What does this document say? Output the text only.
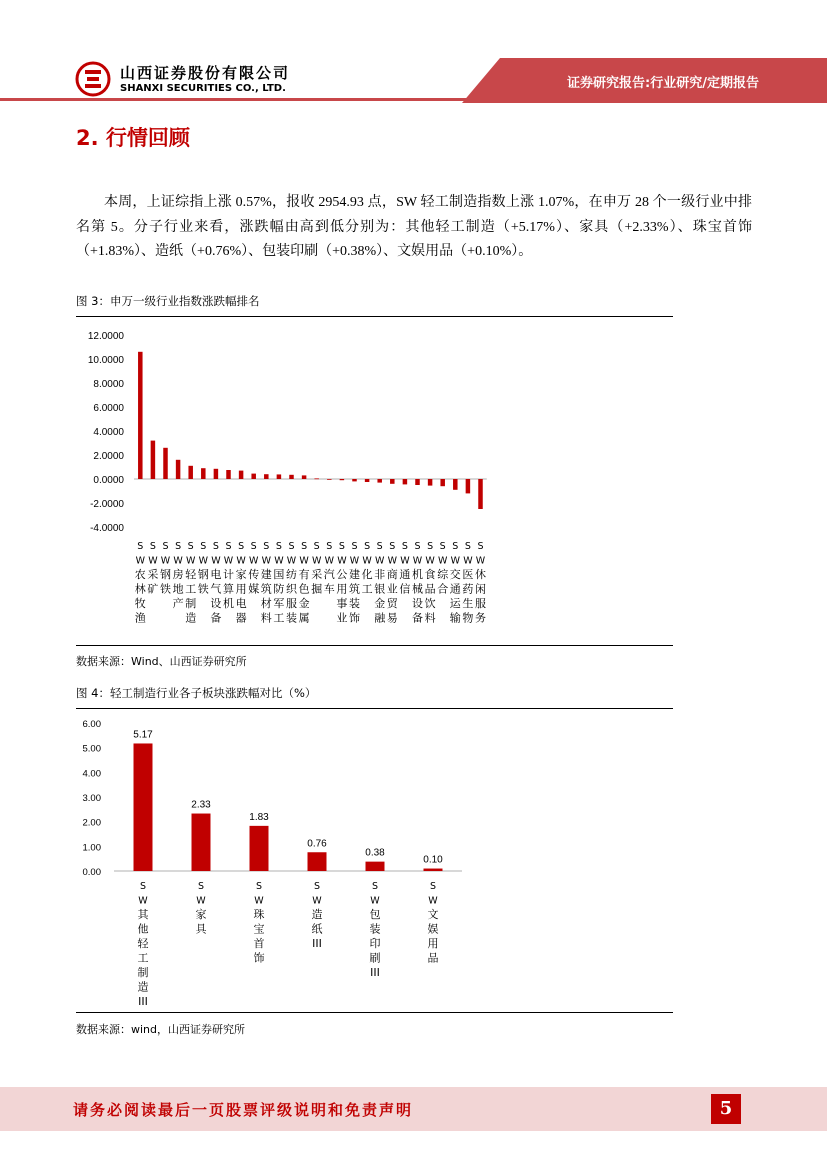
山西证券股份有限公司
SHANXI SECURITIES CO., LTD.	证券研究报告:行业研究/定期报告
2. 行情回顾
本周，上证综指上涨 0.57%，报收 2954.93 点，SW 轻工制造指数上涨 1.07%，在申万 28 个一级行业中排名第 5。分子行业来看，涨跌幅由高到低分别为：其他轻工制造（+5.17%）、家具（+2.33%）、珠宝首饰（+1.83%）、造纸（+0.76%）、包装印刷（+0.38%）、文娱用品（+0.10%）。
图 3：申万一级行业指数涨跌幅排名
12.0000
10.0000
8.0000
6.0000
4.0000
2.0000
0.0000
-2.0000
-4.0000
S
W
农
林
牧
渔
S
W
采
矿
S
W
钢
铁
S
W
房
地
产
S
W
轻
工
制
造
S
W
钢
铁
S
W
电
气
设
备
S
W
计
算
机
S
W
家
用
电
器
S
W
传
媒
S
W
建
筑
材
料
S
W
国
防
军
工
S
W
纺
织
服
装
S
W
有
色
金
属
S
W
采
掘
S
W
汽
车
S
W
公
用
事
业
S
W
建
筑
装
饰
S
W
化
工
S
W
非
银
金
融
S
W
商
业
贸
易
S
W
通
信
S
W
机
械
设
备
S
W
食
品
饮
料
S
W
综
合
S
W
交
通
运
输
S
W
医
药
生
物
S
W
休
闲
服
务
数据来源：Wind、山西证券研究所
图 4：轻工制造行业各子板块涨跌幅对比（%）
6.00
5.00
4.00
3.00
2.00
1.00
0.00
5.17
S
W
其
他
轻
工
制
造
III
2.33
S
W
家
具
1.83
S
W
珠
宝
首
饰
0.76
S
W
造
纸
III
0.38
S
W
包
装
印
刷
III
0.10
S
W
文
娱
用
品
数据来源：wind，山西证券研究所
请务必阅读最后一页股票评级说明和免责声明	5
